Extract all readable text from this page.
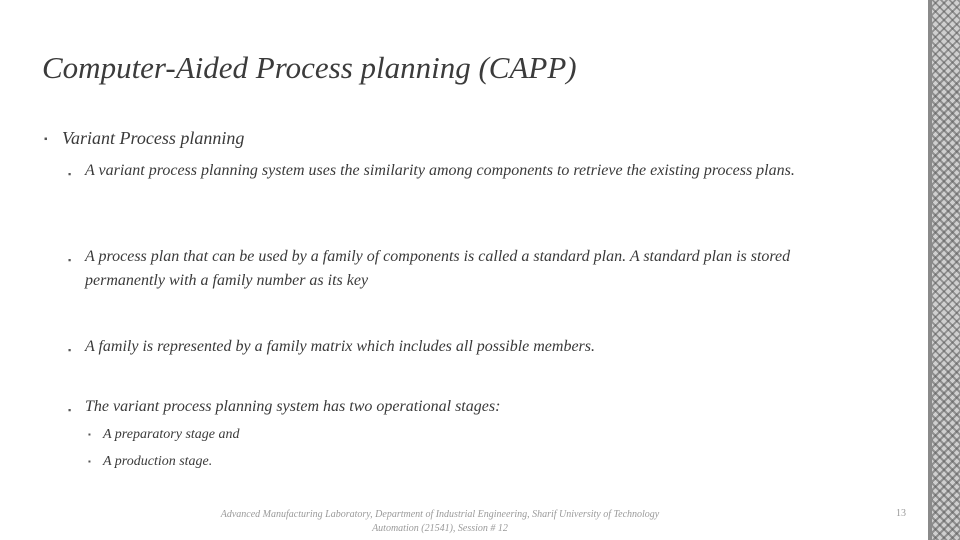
Computer-Aided Process planning (CAPP)
▪ Variant Process planning
▪ A variant process planning system uses the similarity among components to retrieve the existing process plans.
▪ A process plan that can be used by a family of components is called a standard plan. A standard plan is stored permanently with a family number as its key
▪ A family is represented by a family matrix which includes all possible members.
▪ The variant process planning system has two operational stages:
▪ A preparatory stage and
▪ A production stage.
Advanced Manufacturing Laboratory, Department of Industrial Engineering, Sharif University of Technology
Automation (21541), Session # 12
13
